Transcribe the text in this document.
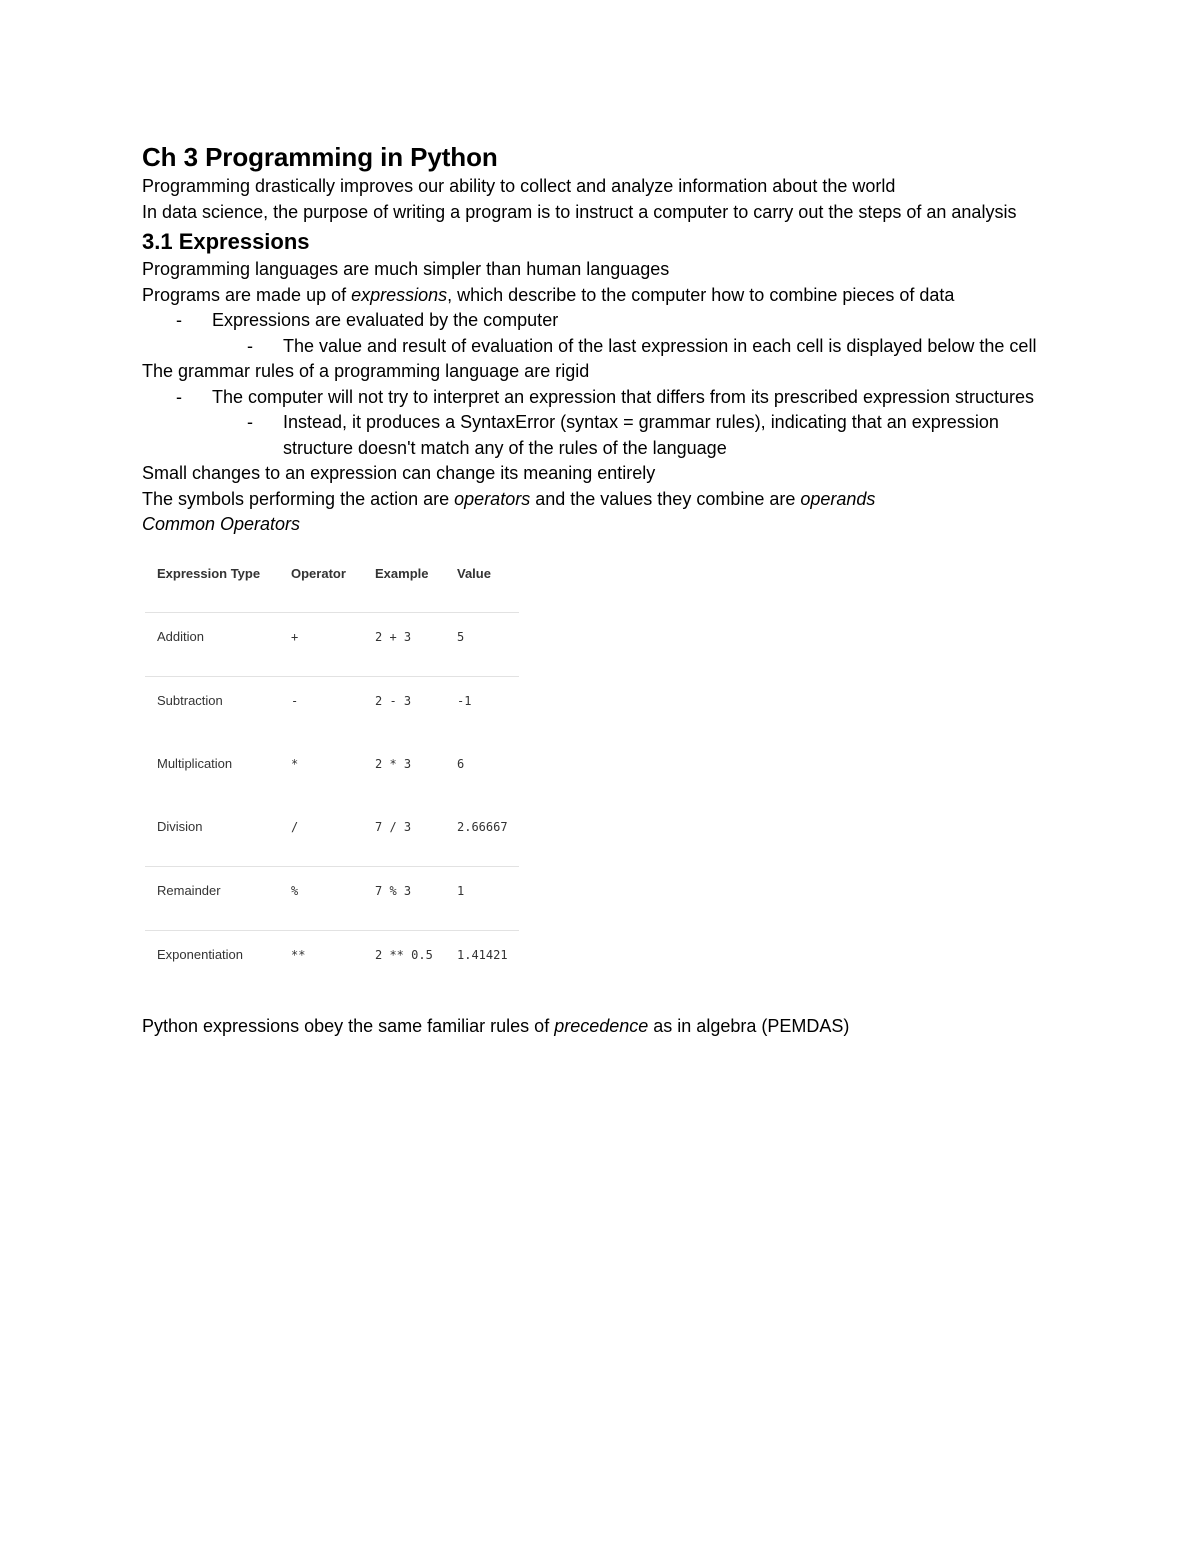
Ch 3 Programming in Python

Programming drastically improves our ability to collect and analyze information about the world

In data science, the purpose of writing a program is to instruct a computer to carry out the steps of an analysis

3.1 Expressions

Programming languages are much simpler than human languages

Programs are made up of expressions, which describe to the computer how to combine pieces of data

- Expressions are evaluated by the computer
- The value and result of evaluation of the last expression in each cell is displayed below the cell

The grammar rules of a programming language are rigid

- The computer will not try to interpret an expression that differs from its prescribed expression structures
- Instead, it produces a SyntaxError (syntax = grammar rules), indicating that an expression structure doesn't match any of the rules of the language

Small changes to an expression can change its meaning entirely

The symbols performing the action are operators and the values they combine are operands

Common Operators

Expression Type	Operator	Example	Value
Addition	+	2 + 3	5
Subtraction	-	2 - 3	-1
Multiplication	*	2 * 3	6
Division	/	7 / 3	2.66667
Remainder	%	7 % 3	1
Exponentiation	**	2 ** 0.5	1.41421

Python expressions obey the same familiar rules of precedence as in algebra (PEMDAS)
